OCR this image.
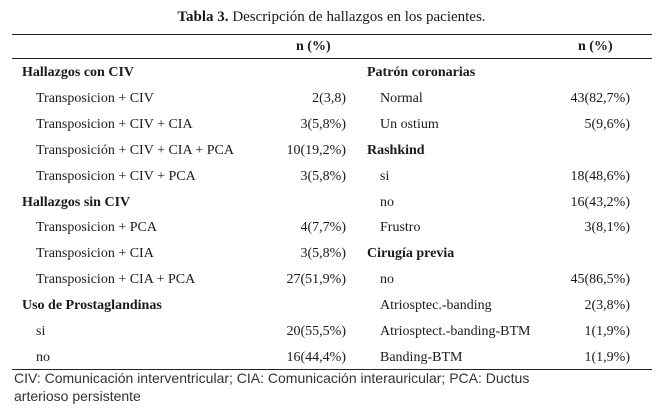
Tabla 3. Descripción de hallazgos en los pacientes.
n (%)	n (%)
Hallazgos con CIV
Transposicion + CIV	2(3,8)
Transposicion + CIV + CIA	3(5,8%)
Transposición + CIV + CIA + PCA	10(19,2%)
Transposicion + CIV + PCA	3(5,8%)
Hallazgos sin CIV
Transposicion + PCA	4(7,7%)
Transposicion + CIA	3(5,8%)
Transposicion + CIA + PCA	27(51,9%)
Uso de Prostaglandinas
si	20(55,5%)
no	16(44,4%)
Patrón coronarias
Normal	43(82,7%)
Un ostium	5(9,6%)
Rashkind
si	18(48,6%)
no	16(43,2%)
Frustro	3(8,1%)
Cirugía previa
no	45(86,5%)
Atriosptec.-banding	2(3,8%)
Atriosptect.-banding-BTM	1(1,9%)
Banding-BTM	1(1,9%)
CIV: Comunicación interventricular; CIA: Comunicación interauricular; PCA: Ductus arterioso persistente
